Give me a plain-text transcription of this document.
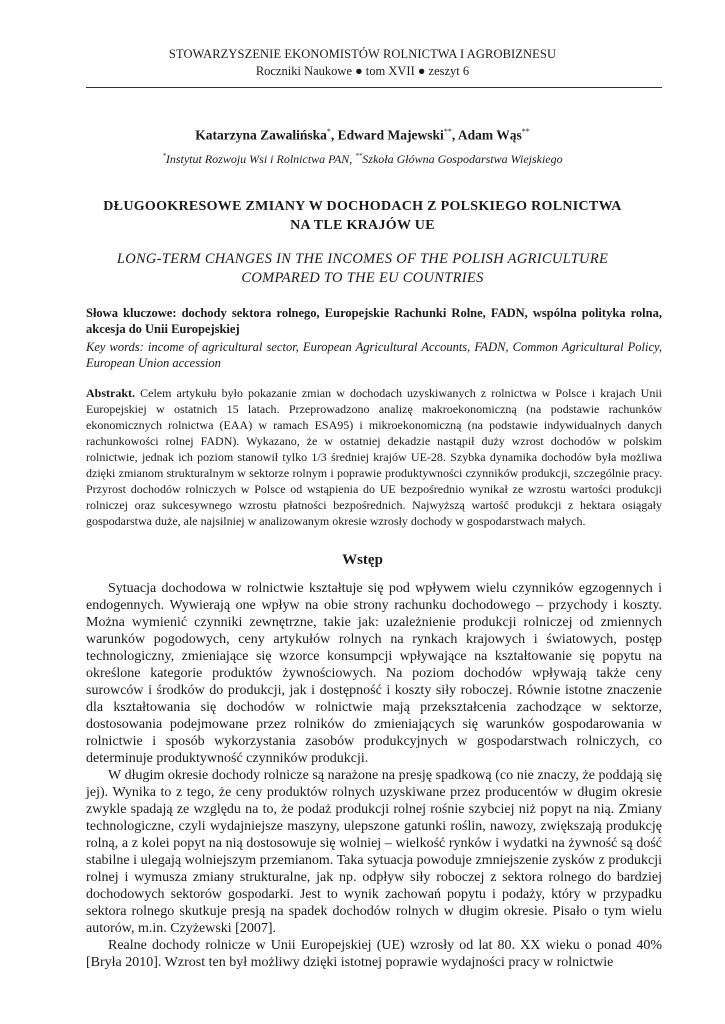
STOWARZYSZENIE EKONOMISTÓW ROLNICTWA I AGROBIZNESU
Roczniki Naukowe ● tom XVII ● zeszyt 6
Katarzyna Zawalińska*, Edward Majewski**, Adam Wąs**
*Instytut Rozwoju Wsi i Rolnictwa PAN, **Szkoła Główna Gospodarstwa Wiejskiego
DŁUGOOKRESOWE ZMIANY W DOCHODACH Z POLSKIEGO ROLNICTWA NA TLE KRAJÓW UE
LONG-TERM CHANGES IN THE INCOMES OF THE POLISH AGRICULTURE COMPARED TO THE EU COUNTRIES
Słowa kluczowe: dochody sektora rolnego, Europejskie Rachunki Rolne, FADN, wspólna polityka rolna, akcesja do Unii Europejskiej
Key words: income of agricultural sector, European Agricultural Accounts, FADN, Common Agricultural Policy, European Union accession
Abstrakt. Celem artykułu było pokazanie zmian w dochodach uzyskiwanych z rolnictwa w Polsce i krajach Unii Europejskiej w ostatnich 15 latach. Przeprowadzono analizę makroekonomiczną (na podstawie rachunków ekonomicznych rolnictwa (EAA) w ramach ESA95) i mikroekonomiczną (na podstawie indywidualnych danych rachunkowości rolnej FADN). Wykazano, że w ostatniej dekadzie nastąpił duży wzrost dochodów w polskim rolnictwie, jednak ich poziom stanowił tylko 1/3 średniej krajów UE-28. Szybka dynamika dochodów była możliwa dzięki zmianom strukturalnym w sektorze rolnym i poprawie produktywności czynników produkcji, szczególnie pracy. Przyrost dochodów rolniczych w Polsce od wstąpienia do UE bezpośrednio wynikał ze wzrostu wartości produkcji rolniczej oraz sukcesywnego wzrostu płatności bezpośrednich. Najwyższą wartość produkcji z hektara osiągały gospodarstwa duże, ale najsilniej w analizowanym okresie wzrosły dochody w gospodarstwach małych.
Wstęp

Sytuacja dochodowa w rolnictwie kształtuje się pod wpływem wielu czynników egzogennych i endogennych. Wywierają one wpływ na obie strony rachunku dochodowego – przychody i koszty. Można wymienić czynniki zewnętrzne, takie jak: uzależnienie produkcji rolniczej od zmiennych warunków pogodowych, ceny artykułów rolnych na rynkach krajowych i światowych, postęp technologiczny, zmieniające się wzorce konsumpcji wpływające na kształtowanie się popytu na określone kategorie produktów żywnościowych. Na poziom dochodów wpływają także ceny surowców i środków do produkcji, jak i dostępność i koszty siły roboczej. Równie istotne znaczenie dla kształtowania się dochodów w rolnictwie mają przekształcenia zachodzące w sektorze, dostosowania podejmowane przez rolników do zmieniających się warunków gospodarowania w rolnictwie i sposób wykorzystania zasobów produkcyjnych w gospodarstwach rolniczych, co determinuje produktywność czynników produkcji.

W długim okresie dochody rolnicze są narażone na presję spadkową (co nie znaczy, że poddają się jej). Wynika to z tego, że ceny produktów rolnych uzyskiwane przez producentów w długim okresie zwykle spadają ze względu na to, że podaż produkcji rolnej rośnie szybciej niż popyt na nią. Zmiany technologiczne, czyli wydajniejsze maszyny, ulepszone gatunki roślin, nawozy, zwiększają produkcję rolną, a z kolei popyt na nią dostosowuje się wolniej – wielkość rynków i wydatki na żywność są dość stabilne i ulegają wolniejszym przemianom. Taka sytuacja powoduje zmniejszenie zysków z produkcji rolnej i wymusza zmiany strukturalne, jak np. odpływ siły roboczej z sektora rolnego do bardziej dochodowych sektorów gospodarki. Jest to wynik zachowań popytu i podaży, który w przypadku sektora rolnego skutkuje presją na spadek dochodów rolnych w długim okresie. Pisało o tym wielu autorów, m.in. Czyżewski [2007].

Realne dochody rolnicze w Unii Europejskiej (UE) wzrosły od lat 80. XX wieku o ponad 40% [Bryła 2010]. Wzrost ten był możliwy dzięki istotnej poprawie wydajności pracy w rolnictwie
